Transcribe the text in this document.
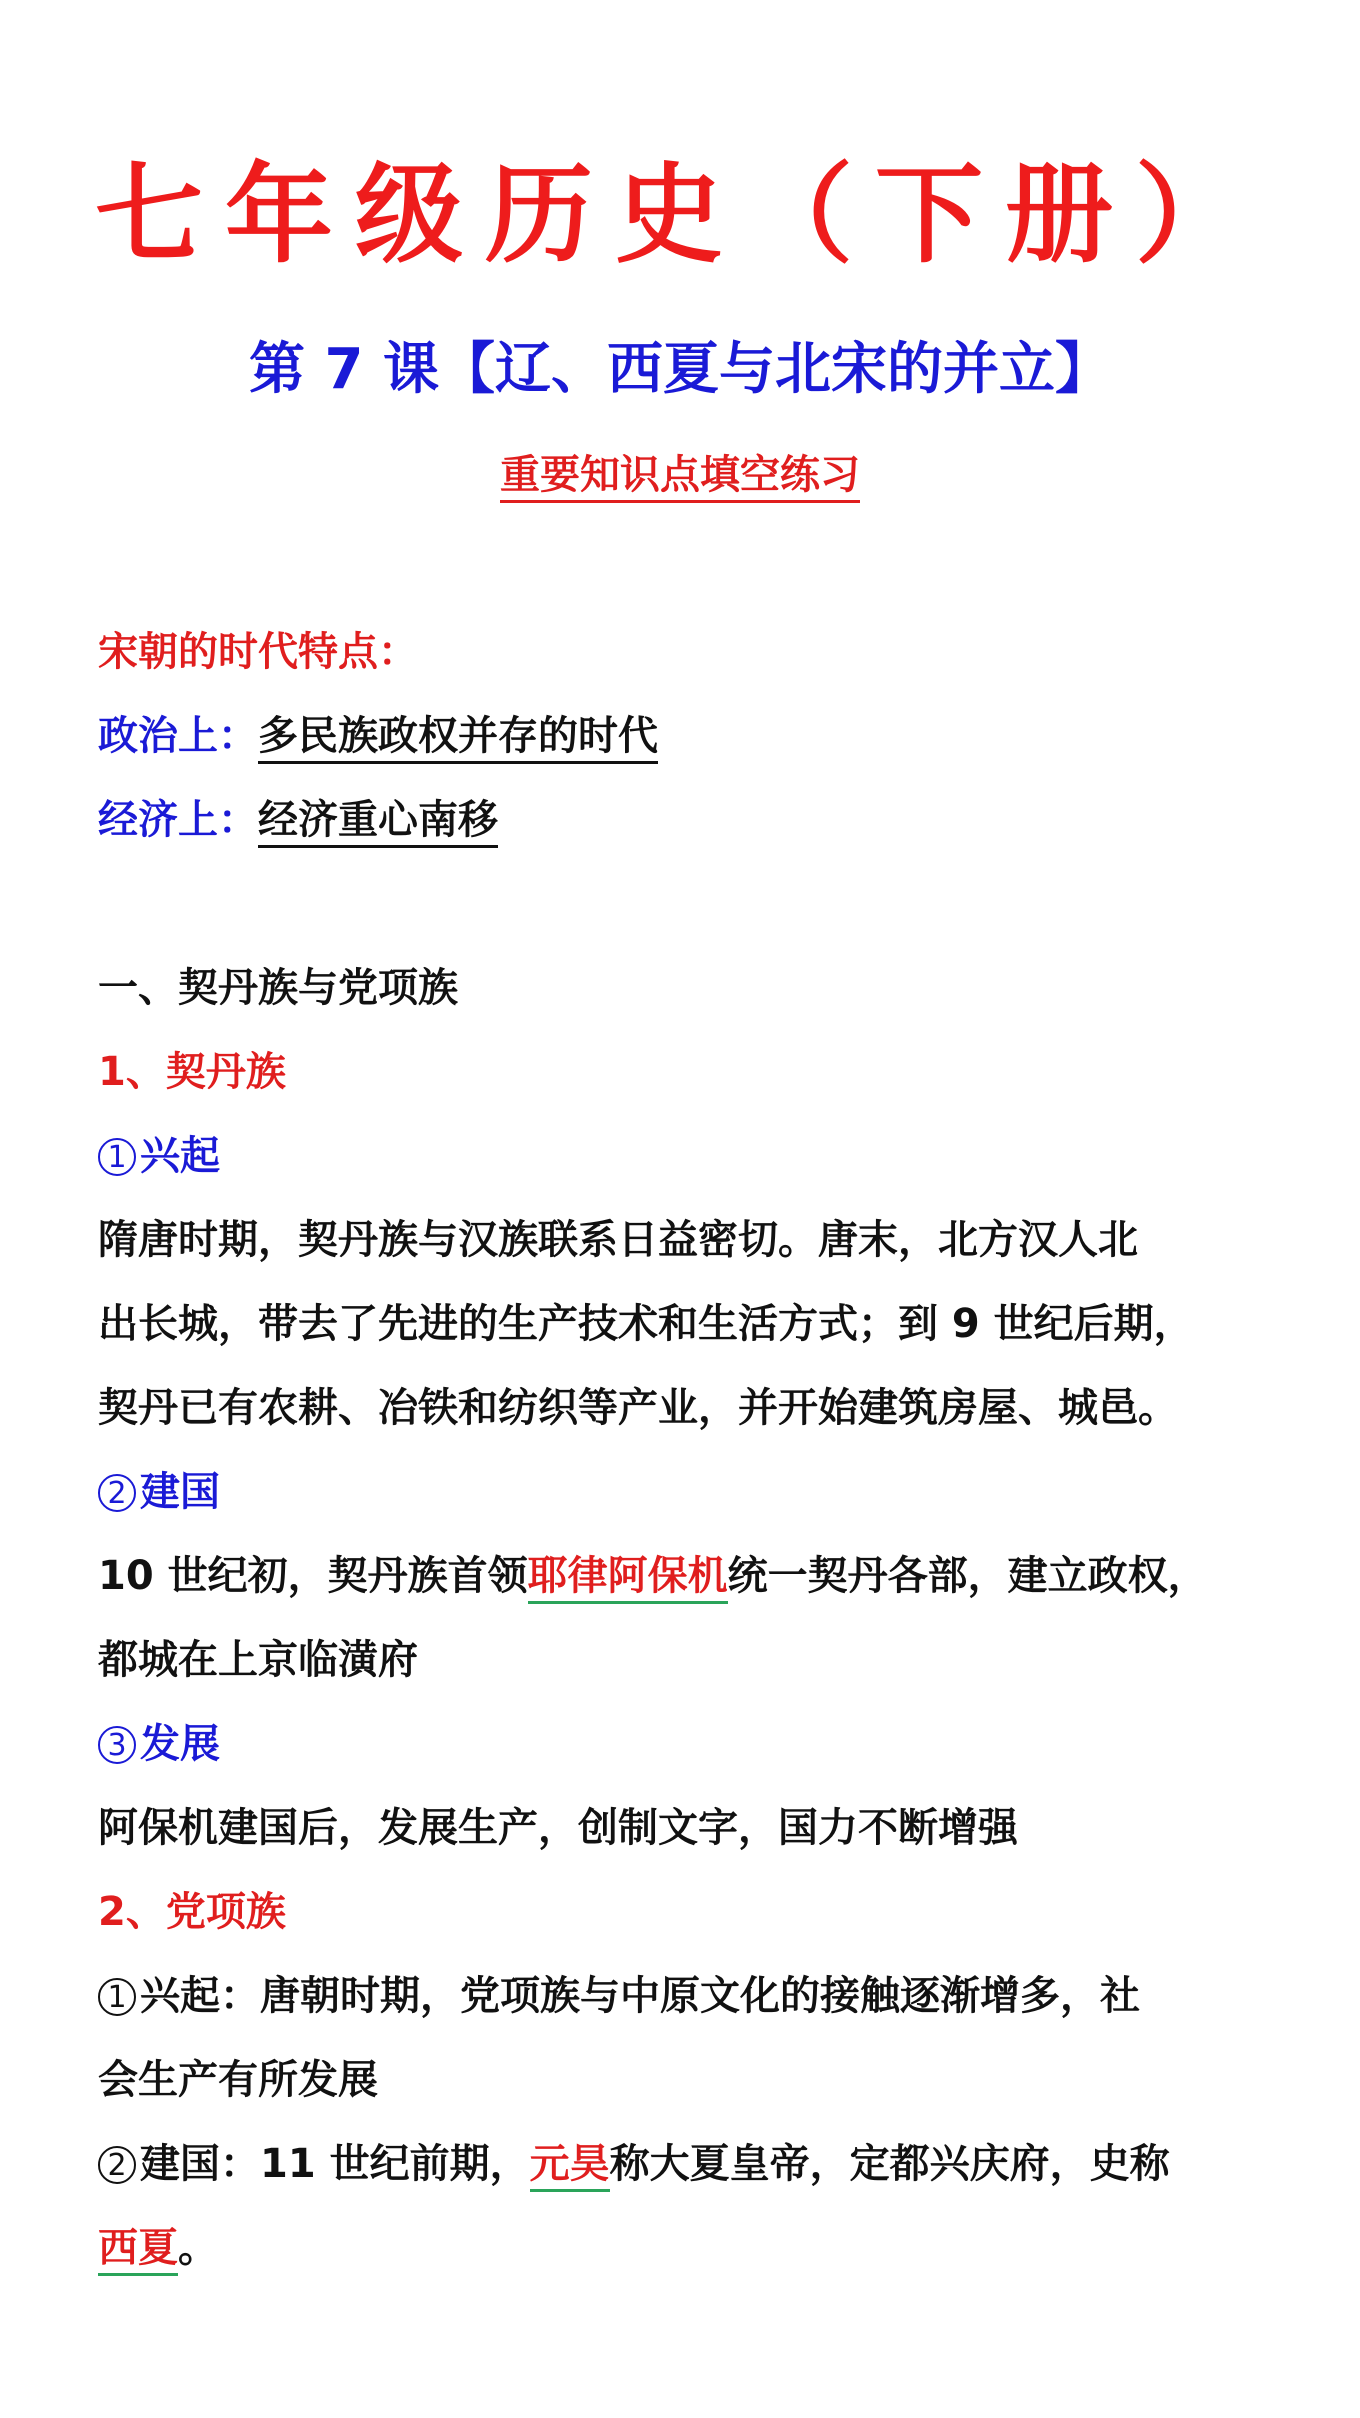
七年级历史（下册）
第 7 课【辽、西夏与北宋的并立】
重要知识点填空练习
宋朝的时代特点：
政治上：多民族政权并存的时代
经济上：经济重心南移
一、契丹族与党项族
1、契丹族
1 兴起
隋唐时期，契丹族与汉族联系日益密切。唐末，北方汉人北
出长城，带去了先进的生产技术和生活方式；到 9 世纪后期，
契丹已有农耕、冶铁和纺织等产业，并开始建筑房屋、城邑。
2 建国
10 世纪初，契丹族首领耶律阿保机统一契丹各部，建立政权，
都城在上京临潢府
3 发展
阿保机建国后，发展生产，创制文字，国力不断增强
2、党项族
1 兴起：唐朝时期，党项族与中原文化的接触逐渐增多，社
会生产有所发展
2 建国：11 世纪前期，元昊称大夏皇帝，定都兴庆府，史称
西夏。
